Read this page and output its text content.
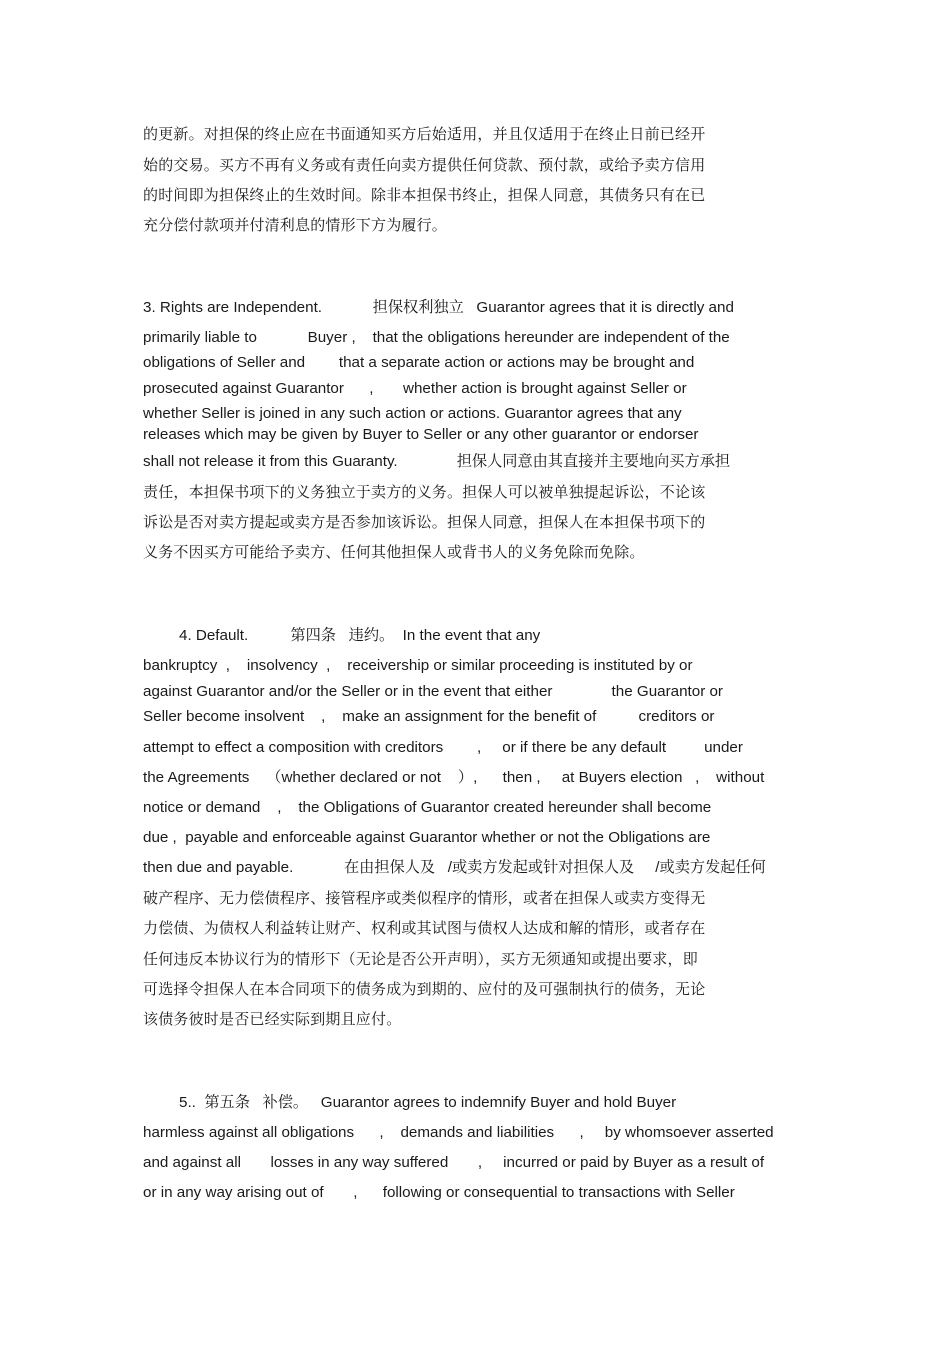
的更新。对担保的终止应在书面通知买方后始适用，并且仅适用于在终止日前已经开
始的交易。买方不再有义务或有责任向卖方提供任何贷款、预付款，或给予卖方信用
的时间即为担保终止的生效时间。除非本担保书终止，担保人同意，其债务只有在已
充分偿付款项并付清利息的情形下方为履行。
3. Rights are Independent.            担保权利独立   Guarantor agrees that it is directly and
primarily liable to            Buyer ,    that the obligations hereunder are independent of the
obligations of Seller and        that a separate action or actions may be brought and
prosecuted against Guarantor      ,       whether action is brought against Seller or
whether Seller is joined in any such action or actions. Guarantor agrees that any
releases which may be given by Buyer to Seller or any other guarantor or endorser
shall not release it from this Guaranty.              担保人同意由其直接并主要地向买方承担
责任，本担保书项下的义务独立于卖方的义务。担保人可以被单独提起诉讼，不论该
诉讼是否对卖方提起或卖方是否参加该诉讼。担保人同意，担保人在本担保书项下的
义务不因买方可能给予卖方、任何其他担保人或背书人的义务免除而免除。
4. Default.          第四条   违约。  In the event that any
bankruptcy  ,    insolvency  ,    receivership or similar proceeding is instituted by or
against Guarantor and/or the Seller or in the event that either              the Guarantor or
Seller become insolvent    ,    make an assignment for the benefit of          creditors or
attempt to effect a composition with creditors        ,     or if there be any default         under
the Agreements    （whether declared or not    ）,      then ,     at Buyers election   ,    without
notice or demand    ,    the Obligations of Guarantor created hereunder shall become
due ,  payable and enforceable against Guarantor whether or not the Obligations are
then due and payable.            在由担保人及   /或卖方发起或针对担保人及     /或卖方发起任何
破产程序、无力偿债程序、接管程序或类似程序的情形，或者在担保人或卖方变得无
力偿债、为债权人利益转让财产、权利或其试图与债权人达成和解的情形，或者存在
任何违反本协议行为的情形下（无论是否公开声明），买方无须通知或提出要求，即
可选择令担保人在本合同项下的债务成为到期的、应付的及可强制执行的债务，无论
该债务彼时是否已经实际到期且应付。
5..  第五条   补偿。   Guarantor agrees to indemnify Buyer and hold Buyer
harmless against all obligations      ,    demands and liabilities      ,     by whomsoever asserted
and against all       losses in any way suffered       ,     incurred or paid by Buyer as a result of
or in any way arising out of       ,      following or consequential to transactions with Seller
